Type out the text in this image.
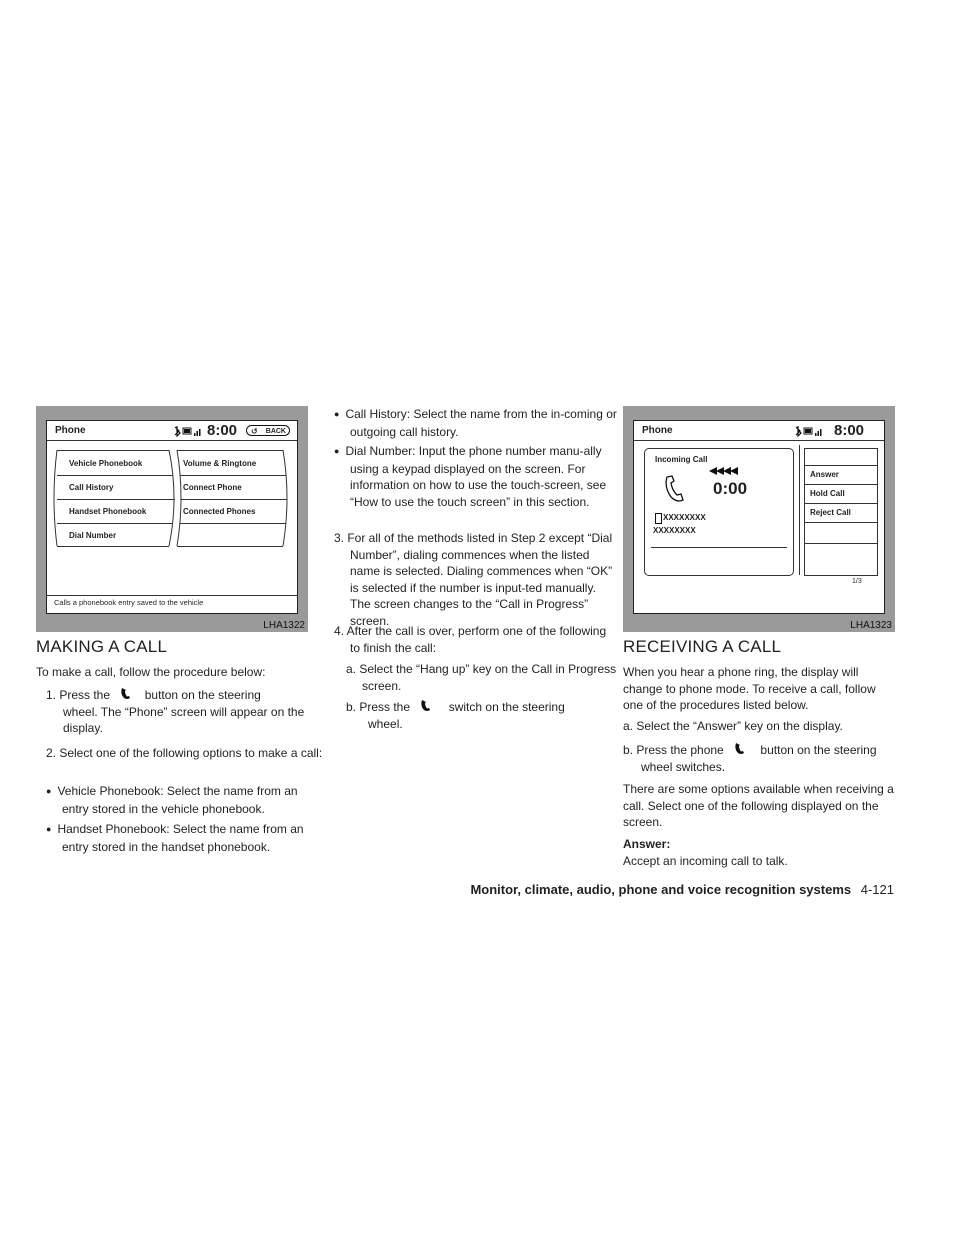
Phone	8:00 ↺ BACK
Vehicle Phonebook
Call History
Handset Phonebook
Dial Number
Volume & Ringtone
Connect Phone
Connected Phones
Calls a phonebook entry saved to the vehicle
LHA1322
Phone	8:00
Incoming Call
0:00
XXXXXXXX
XXXXXXXX
Answer
Hold Call
Reject Call
1/3
LHA1323
MAKING A CALL
To make a call, follow the procedure below:
1. Press the	button on the steering
wheel. The “Phone” screen will appear on the display.
2. Select one of the following options to make a call:
● Vehicle Phonebook: Select the name from an entry stored in the vehicle phonebook.
● Handset Phonebook: Select the name from an entry stored in the handset phonebook.
● Call History: Select the name from the in-coming or outgoing call history.
● Dial Number: Input the phone number manu-ally using a keypad displayed on the screen. For information on how to use the touch-screen, see “How to use the touch screen” in this section.
3. For all of the methods listed in Step 2 except “Dial Number”, dialing commences when the listed name is selected. Dialing commences when “OK” is selected if the number is input-ted manually. The screen changes to the “Call in Progress” screen.
4. After the call is over, perform one of the following to finish the call:
a. Select the “Hang up” key on the Call in Progress screen.
b. Press the	switch on the steering
wheel.
RECEIVING A CALL
When you hear a phone ring, the display will change to phone mode. To receive a call, follow one of the procedures listed below.
a. Select the “Answer” key on the display.
b. Press the phone	button on the steering
wheel switches.
There are some options available when receiving a call. Select one of the following displayed on the screen.
Answer:
Accept an incoming call to talk.
Monitor, climate, audio, phone and voice recognition systems 4-121
